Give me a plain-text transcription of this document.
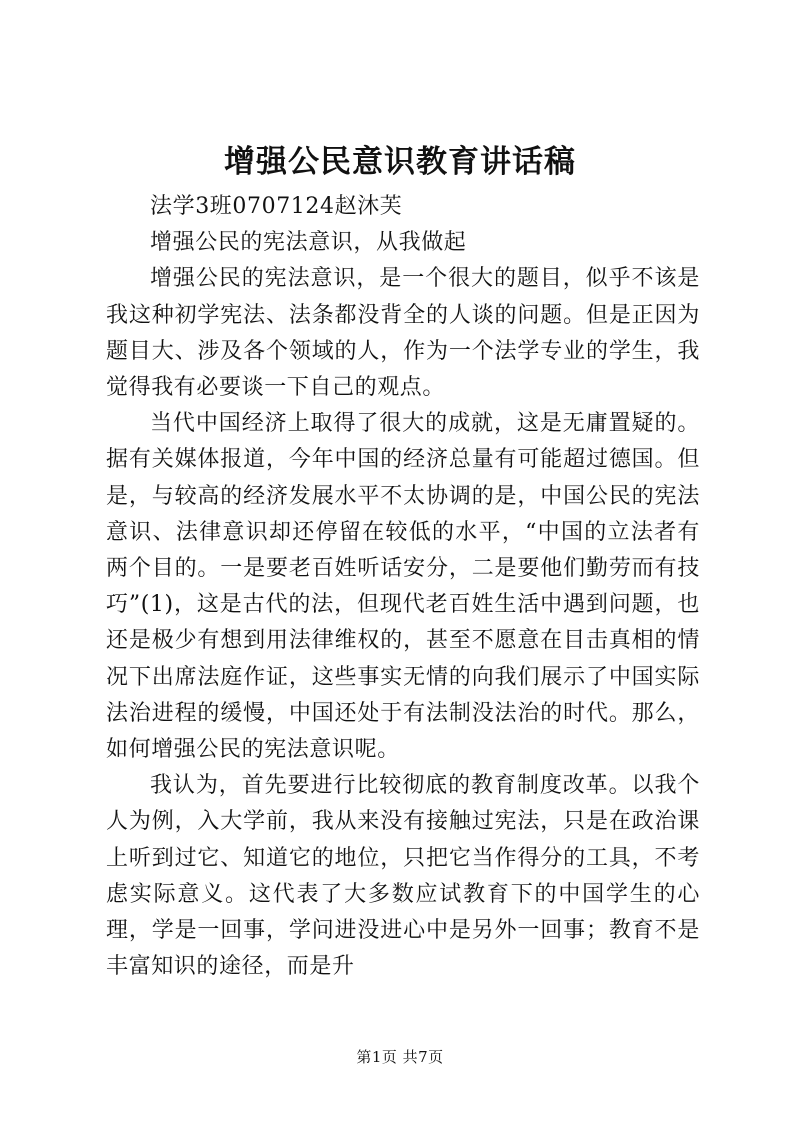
增强公民意识教育讲话稿

法学3班0707124赵沐芙

增强公民的宪法意识，从我做起

增强公民的宪法意识，是一个很大的题目，似乎不该是我这种初学宪法、法条都没背全的人谈的问题。但是正因为题目大、涉及各个领域的人，作为一个法学专业的学生，我觉得我有必要谈一下自己的观点。

当代中国经济上取得了很大的成就，这是无庸置疑的。据有关媒体报道，今年中国的经济总量有可能超过德国。但是，与较高的经济发展水平不太协调的是，中国公民的宪法意识、法律意识却还停留在较低的水平，“中国的立法者有两个目的。一是要老百姓听话安分，二是要他们勤劳而有技巧”(1)，这是古代的法，但现代老百姓生活中遇到问题，也还是极少有想到用法律维权的，甚至不愿意在目击真相的情况下出席法庭作证，这些事实无情的向我们展示了中国实际法治进程的缓慢，中国还处于有法制没法治的时代。那么，如何增强公民的宪法意识呢。

我认为，首先要进行比较彻底的教育制度改革。以我个人为例，入大学前，我从来没有接触过宪法，只是在政治课上听到过它、知道它的地位，只把它当作得分的工具，不考虑实际意义。这代表了大多数应试教育下的中国学生的心理，学是一回事，学问进没进心中是另外一回事；教育不是丰富知识的途径，而是升

第1页 共7页
